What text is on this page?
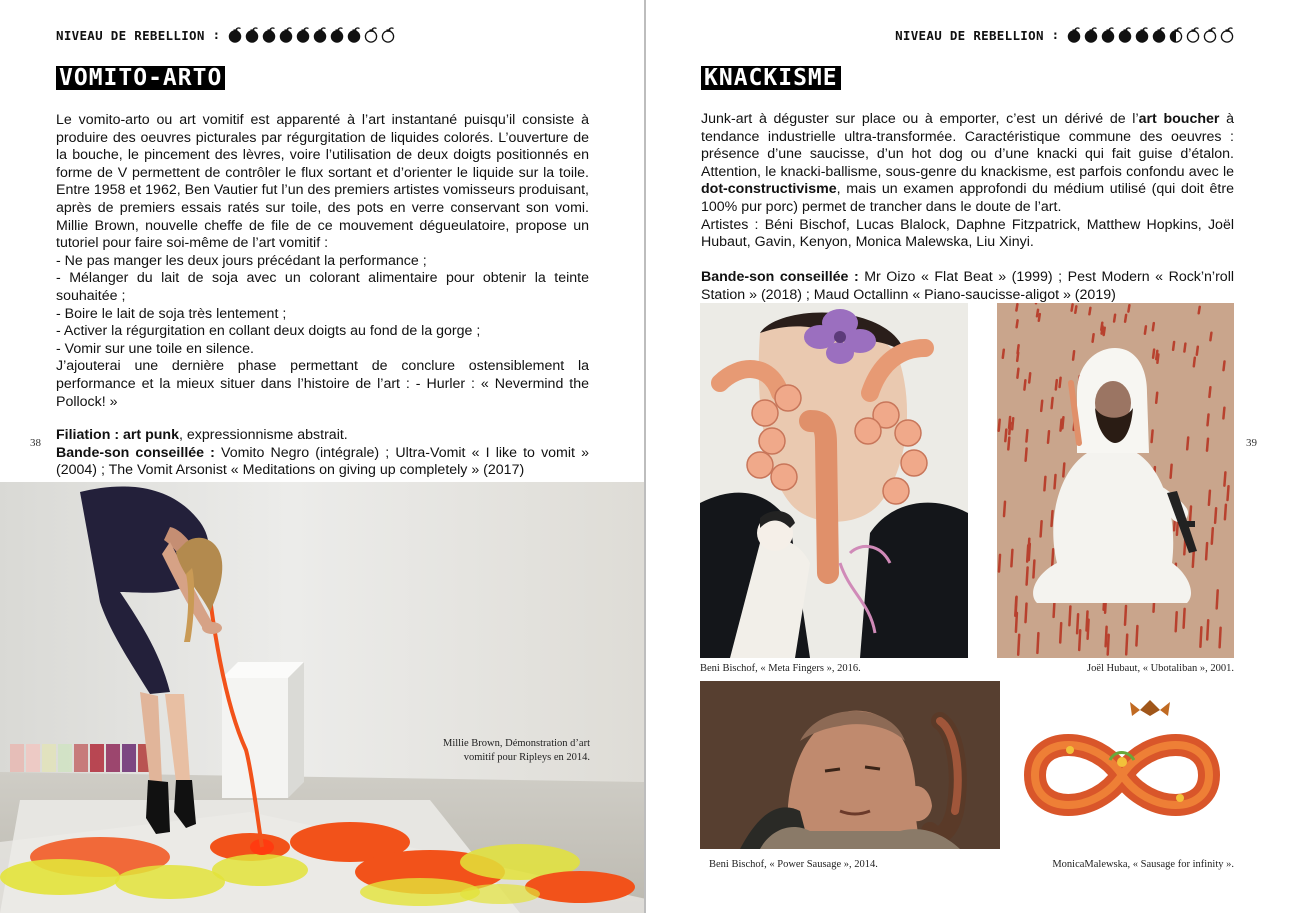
NIVEAU DE REBELLION :
VOMITO-ARTO

Le vomito-arto ou art vomitif est apparenté à l’art instantané puisqu’il consiste à produire des oeuvres picturales par régurgitation de liquides colorés. L’ouverture de la bouche, le pincement des lèvres, voire l’utilisation de deux doigts positionnés en forme de V permettent de contrôler le flux sortant et d’orienter le liquide sur la toile. Entre 1958 et 1962, Ben Vautier fut l’un des premiers artistes vomisseurs produisant, après de premiers essais ratés sur toile, des pots en verre conservant son vomi. Millie Brown, nouvelle cheffe de file de ce mouvement dégueulatoire, propose un tutoriel pour faire soi-même de l’art vomitif :

- Ne pas manger les deux jours précédant la performance ;

- Mélanger du lait de soja avec un colorant alimentaire pour obtenir la teinte souhaitée ;

- Boire le lait de soja très lentement ;

- Activer la régurgitation en collant deux doigts au fond de la gorge ;

- Vomir sur une toile en silence.

J’ajouterai une dernière phase permettant de conclure ostensiblement la performance et la mieux situer dans l’histoire de l’art : - Hurler : « Nevermind the Pollock! »

Filiation : art punk, expressionnisme abstrait.

Bande-son conseillée : Vomito Negro (intégrale) ; Ultra-Vomit « I like to vomit » (2004) ; The Vomit Arsonist « Meditations on giving up completely » (2017)

38
Millie Brown, Démonstration d’art vomitif pour Ripleys en 2014.
NIVEAU DE REBELLION :
KNACKISME

Junk-art à déguster sur place ou à emporter, c’est un dérivé de l’art boucher à tendance industrielle ultra-transformée. Caractéristique commune des oeuvres : présence d’une saucisse, d’un hot dog ou d’une knacki qui fait guise d’étalon. Attention, le knacki-ballisme, sous-genre du knackisme, est parfois confondu avec le dot-constructivisme, mais un examen approfondi du médium utilisé (qui doit être 100% pur porc) permet de trancher dans le doute de l’art.

Artistes : Béni Bischof, Lucas Blalock, Daphne Fitzpatrick, Matthew Hopkins, Joël Hubaut, Gavin, Kenyon, Monica Malewska, Liu Xinyi.

Bande-son conseillée : Mr Oizo « Flat Beat » (1999) ; Pest Modern « Rock’n’roll Station » (2018) ; Maud Octallinn « Piano-saucisse-aligot » (2019)

39
Beni Bischof, « Meta Fingers », 2016.	Joël Hubaut, « Ubotaliban », 2001.
Beni Bischof, « Power Sausage », 2014.	MonicaMalewska, « Sausage for infinity ».
